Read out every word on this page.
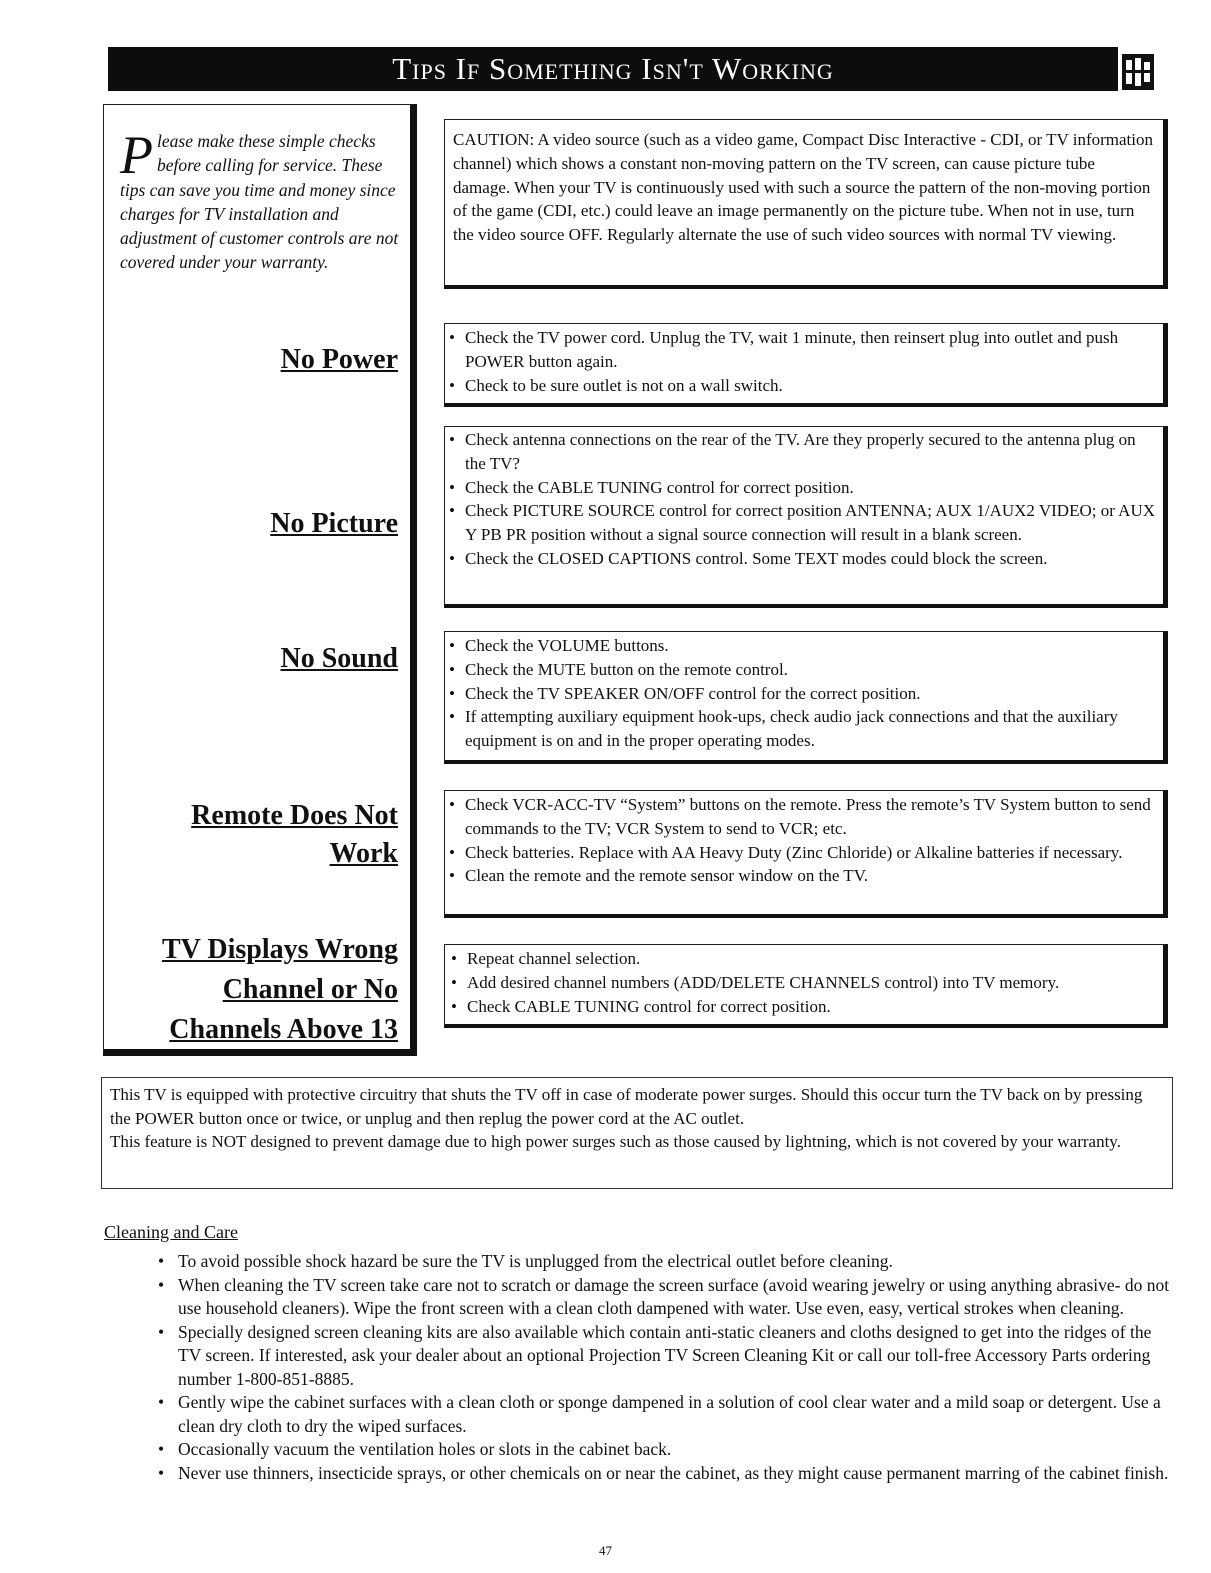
Tips If Something Isn't Working

Please make these simple checks before calling for service. These tips can save you time and money since charges for TV installation and adjustment of customer controls are not covered under your warranty.

No Power
No Picture
No Sound
Remote Does Not Work
TV Displays Wrong Channel or No Channels Above 13

CAUTION: A video source (such as a video game, Compact Disc Interactive - CDI, or TV information channel) which shows a constant non-moving pattern on the TV screen, can cause picture tube damage. When your TV is continuously used with such a source the pattern of the non-moving portion of the game (CDI, etc.) could leave an image permanently on the picture tube. When not in use, turn the video source OFF. Regularly alternate the use of such video sources with normal TV viewing.

• Check the TV power cord. Unplug the TV, wait 1 minute, then reinsert plug into outlet and push POWER button again.
• Check to be sure outlet is not on a wall switch.
• Check antenna connections on the rear of the TV. Are they properly secured to the antenna plug on the TV?
• Check the CABLE TUNING control for correct position.
• Check PICTURE SOURCE control for correct position ANTENNA; AUX 1/AUX2 VIDEO; or AUX Y PB PR position without a signal source connection will result in a blank screen.
• Check the CLOSED CAPTIONS control. Some TEXT modes could block the screen.
• Check the VOLUME buttons.
• Check the MUTE button on the remote control.
• Check the TV SPEAKER ON/OFF control for the correct position.
• If attempting auxiliary equipment hook-ups, check audio jack connections and that the auxiliary equipment is on and in the proper operating modes.
• Check VCR-ACC-TV “System” buttons on the remote. Press the remote’s TV System button to send commands to the TV; VCR System to send to VCR; etc.
• Check batteries. Replace with AA Heavy Duty (Zinc Chloride) or Alkaline batteries if necessary.
• Clean the remote and the remote sensor window on the TV.
• Repeat channel selection.
• Add desired channel numbers (ADD/DELETE CHANNELS control) into TV memory.
• Check CABLE TUNING control for correct position.

This TV is equipped with protective circuitry that shuts the TV off in case of moderate power surges. Should this occur turn the TV back on by pressing the POWER button once or twice, or unplug and then replug the power cord at the AC outlet.

This feature is NOT designed to prevent damage due to high power surges such as those caused by lightning, which is not covered by your warranty.

Cleaning and Care
• To avoid possible shock hazard be sure the TV is unplugged from the electrical outlet before cleaning.
• When cleaning the TV screen take care not to scratch or damage the screen surface (avoid wearing jewelry or using anything abrasive- do not use household cleaners). Wipe the front screen with a clean cloth dampened with water. Use even, easy, vertical strokes when cleaning.
• Specially designed screen cleaning kits are also available which contain anti-static cleaners and cloths designed to get into the ridges of the TV screen. If interested, ask your dealer about an optional Projection TV Screen Cleaning Kit or call our toll-free Accessory Parts ordering number 1-800-851-8885.
• Gently wipe the cabinet surfaces with a clean cloth or sponge dampened in a solution of cool clear water and a mild soap or detergent. Use a clean dry cloth to dry the wiped surfaces.
• Occasionally vacuum the ventilation holes or slots in the cabinet back.
• Never use thinners, insecticide sprays, or other chemicals on or near the cabinet, as they might cause permanent marring of the cabinet finish.
47
